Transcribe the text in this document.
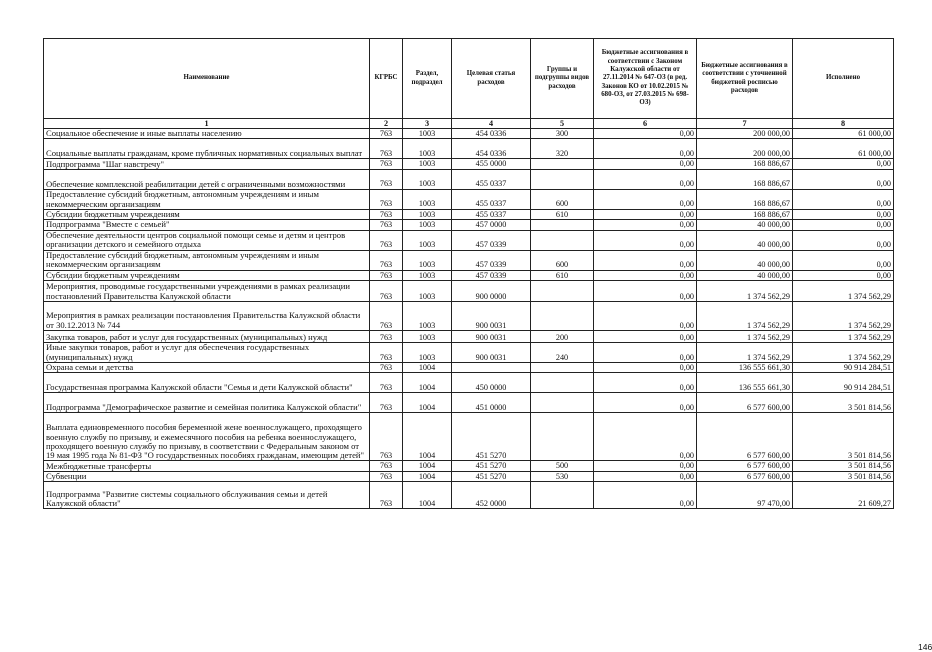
Наименование	КГРБС	Раздел, подраздел	Целевая статья расходов	Группы и подгруппы видов расходов	Бюджетные ассигнования в соответствии с Законом Калужской области от 27.11.2014 № 647-ОЗ (в ред. Законов КО от 10.02.2015 № 680-ОЗ, от 27.03.2015 № 698-ОЗ)	Бюджетные ассигнования в соответствии с уточненной бюджетной росписью расходов	Исполнено
1	2	3	4	5	6	7	8
Социальное обеспечение и иные выплаты населению	763	1003	454 0336	300	0,00	200 000,00	61 000,00
Социальные выплаты гражданам, кроме публичных нормативных социальных выплат	763	1003	454 0336	320	0,00	200 000,00	61 000,00
Подпрограмма "Шаг навстречу"	763	1003	455 0000		0,00	168 886,67	0,00
Обеспечение комплексной реабилитации детей с ограниченными возможностями	763	1003	455 0337		0,00	168 886,67	0,00
Предоставление субсидий бюджетным, автономным учреждениям и иным некоммерческим организациям	763	1003	455 0337	600	0,00	168 886,67	0,00
Субсидии бюджетным учреждениям	763	1003	455 0337	610	0,00	168 886,67	0,00
Подпрограмма "Вместе с семьей"	763	1003	457 0000		0,00	40 000,00	0,00
Обеспечение деятельности центров социальной помощи семье и детям и центров организации детского и семейного отдыха	763	1003	457 0339		0,00	40 000,00	0,00
Предоставление субсидий бюджетным, автономным учреждениям и иным некоммерческим организациям	763	1003	457 0339	600	0,00	40 000,00	0,00
Субсидии бюджетным учреждениям	763	1003	457 0339	610	0,00	40 000,00	0,00
Мероприятия, проводимые государственными учреждениями в рамках реализации постановлений Правительства Калужской области	763	1003	900 0000		0,00	1 374 562,29	1 374 562,29
Мероприятия в рамках реализации постановления Правительства Калужской области от 30.12.2013 № 744	763	1003	900 0031		0,00	1 374 562,29	1 374 562,29
Закупка товаров, работ и услуг для государственных (муниципальных) нужд	763	1003	900 0031	200	0,00	1 374 562,29	1 374 562,29
Иные закупки товаров, работ и услуг для обеспечения государственных (муниципальных) нужд	763	1003	900 0031	240	0,00	1 374 562,29	1 374 562,29
Охрана семьи и детства	763	1004			0,00	136 555 661,30	90 914 284,51
Государственная программа Калужской области "Семья и дети Калужской области"	763	1004	450 0000		0,00	136 555 661,30	90 914 284,51
Подпрограмма "Демографическое развитие и семейная политика Калужской области"	763	1004	451 0000		0,00	6 577 600,00	3 501 814,56
Выплата единовременного пособия беременной жене военнослужащего, проходящего военную службу по призыву, и ежемесячного пособия на ребенка военнослужащего, проходящего военную службу по призыву, в соответствии с Федеральным законом от 19 мая 1995 года № 81-ФЗ "О государственных пособиях гражданам, имеющим детей"	763	1004	451 5270		0,00	6 577 600,00	3 501 814,56
Межбюджетные трансферты	763	1004	451 5270	500	0,00	6 577 600,00	3 501 814,56
Субвенции	763	1004	451 5270	530	0,00	6 577 600,00	3 501 814,56
Подпрограмма "Развитие системы социального обслуживания семьи и детей Калужской области"	763	1004	452 0000		0,00	97 470,00	21 609,27
146
